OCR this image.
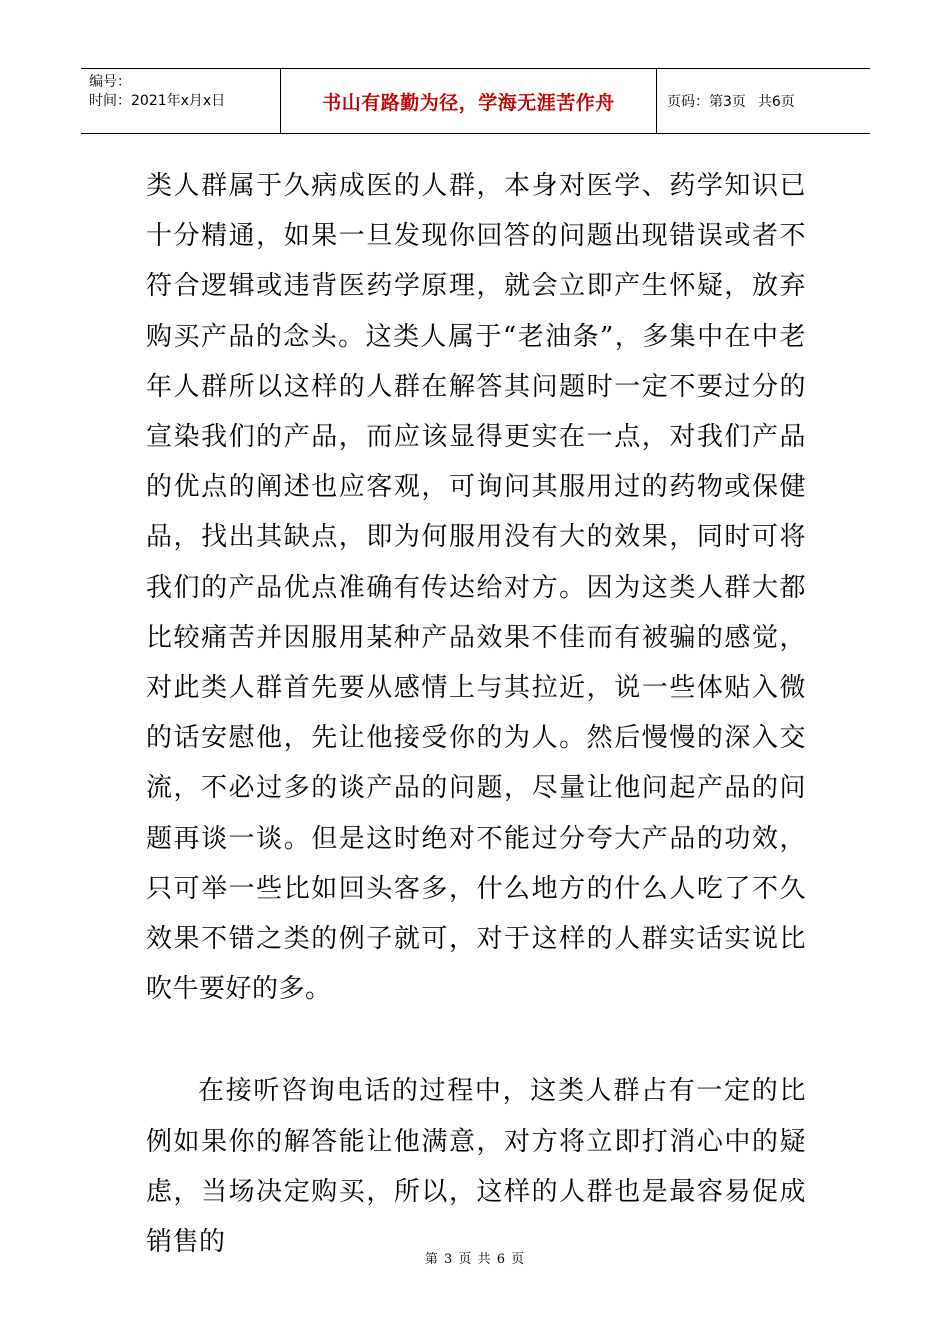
编号：
时间：2021年x月x日	书山有路勤为径，学海无涯苦作舟	页码：第3页 共6页

类人群属于久病成医的人群，本身对医学、药学知识已十分精通，如果一旦发现你回答的问题出现错误或者不符合逻辑或违背医药学原理，就会立即产生怀疑，放弃购买产品的念头。这类人属于“老油条”，多集中在中老年人群所以这样的人群在解答其问题时一定不要过分的宣染我们的产品，而应该显得更实在一点，对我们产品的优点的阐述也应客观，可询问其服用过的药物或保健品，找出其缺点，即为何服用没有大的效果，同时可将我们的产品优点准确有传达给对方。因为这类人群大都比较痛苦并因服用某种产品效果不佳而有被骗的感觉，对此类人群首先要从感情上与其拉近，说一些体贴入微的话安慰他，先让他接受你的为人。然后慢慢的深入交流，不必过多的谈产品的问题，尽量让他问起产品的问题再谈一谈。但是这时绝对不能过分夸大产品的功效，只可举一些比如回头客多，什么地方的什么人吃了不久效果不错之类的例子就可，对于这样的人群实话实说比吹牛要好的多。

在接听咨询电话的过程中，这类人群占有一定的比例如果你的解答能让他满意，对方将立即打消心中的疑虑，当场决定购买，所以，这样的人群也是最容易促成销售的

第 3 页 共 6 页
